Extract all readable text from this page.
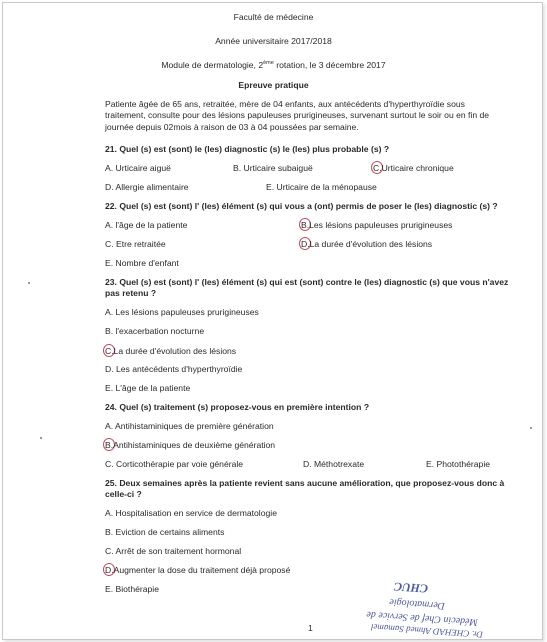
Faculté de médecine
Année universitaire 2017/2018
Module de dermatologie, 2ème rotation, le 3 décembre 2017
Epreuve pratique
Patiente âgée de 65 ans, retraitée, mère de 04 enfants, aux antécédents d'hyperthyroïdie sous
traitement, consulte pour des lésions papuleuses prurigineuses, survenant surtout le soir ou en fin de
journée depuis 02mois à raison de 03 à 04 poussées par semaine.
21. Quel (s) est (sont) le (les) diagnostic (s) le (les) plus probable (s) ?
A. Urticaire aiguë	B. Urticaire subaiguë	C.Urticaire chronique
D. Allergie alimentaire	E. Urticaire de la ménopause
22. Quel (s) est (sont) l' (les) élément (s) qui vous a (ont) permis de poser le (les) diagnostic (s) ?
A. l'âge de la patiente	B.Les lésions papuleuses prurigineuses
C. Etre retraitée	D.La durée d'évolution des lésions
E. Nombre d'enfant
23. Quel (s) est (sont) l' (les) élément (s) qui est (sont) contre le (les) diagnostic (s) que vous n'avez
pas retenu ?
A. Les lésions papuleuses prurigineuses
B. l'exacerbation nocturne
C.La durée d'évolution des lésions
D. Les antécédents d'hyperthyroïdie
E. L'âge de la patiente
24. Quel (s) traitement (s) proposez-vous en première intention ?
A. Antihistaminiques de première génération
B.Antihistaminiques de deuxième génération
C. Corticothérapie par voie générale	D. Méthotrexate	E. Photothérapie
25. Deux semaines après la patiente revient sans aucune amélioration, que proposez-vous donc à
celle-ci ?
A. Hospitalisation en service de dermatologie
B. Eviction de certains aliments
C. Arrêt de son traitement hormonal
D.Augmenter la dose du traitement déjà proposé
E. Biothérapie
1	Dr. CHEHAD Ahmed Samamel
Médecin Chef de Service de
Dermatologie
CHUC
